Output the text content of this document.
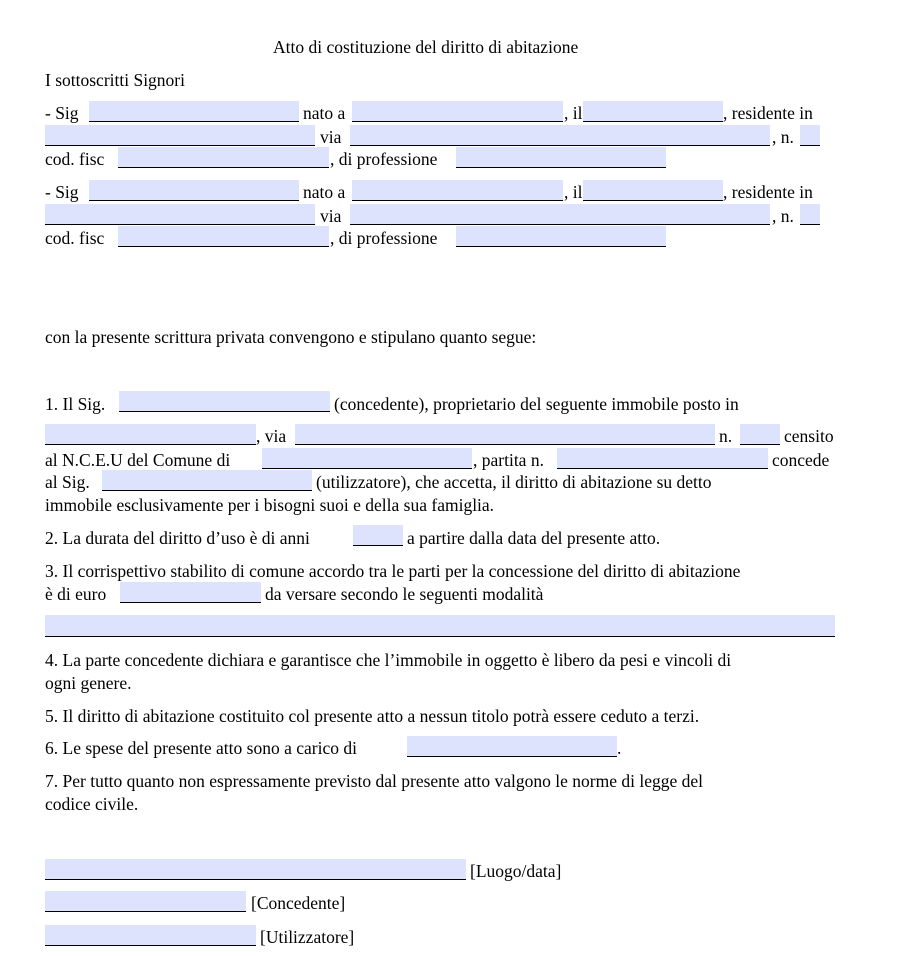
Atto di costituzione del diritto di abitazione
I sottoscritti Signori
- Sig	nato a	, il	, residente in
via	, n.
cod. fisc	, di professione
- Sig	nato a	, il	, residente in
via	, n.
cod. fisc	, di professione
con la presente scrittura privata convengono e stipulano quanto segue:
1. Il Sig.	(concedente), proprietario del seguente immobile posto in
, via	n.	censito
al N.C.E.U del Comune di	, partita n.	concede
al Sig.	(utilizzatore), che accetta, il diritto di abitazione su detto
immobile esclusivamente per i bisogni suoi e della sua famiglia.
2. La durata del diritto d’uso è di anni	a partire dalla data del presente atto.
3. Il corrispettivo stabilito di comune accordo tra le parti per la concessione del diritto di abitazione
è di euro	da versare secondo le seguenti modalità
4. La parte concedente dichiara e garantisce che l’immobile in oggetto è libero da pesi e vincoli di
ogni genere.
5. Il diritto di abitazione costituito col presente atto a nessun titolo potrà essere ceduto a terzi.
6. Le spese del presente atto sono a carico di	.
7. Per tutto quanto non espressamente previsto dal presente atto valgono le norme di legge del
codice civile.
[Luogo/data]
[Concedente]
[Utilizzatore]
